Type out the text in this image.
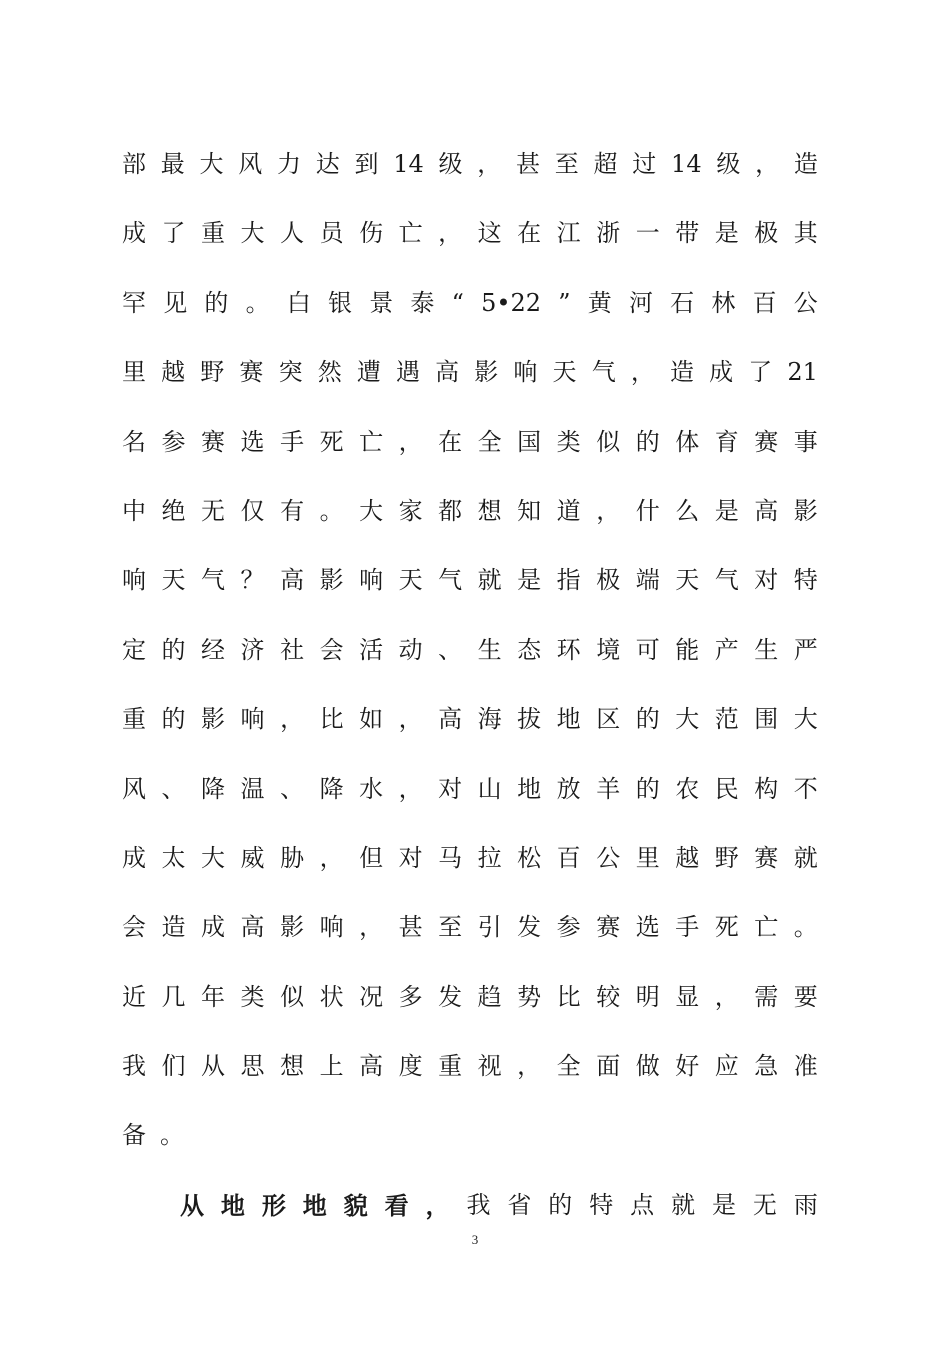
部 最 大 风 力 达 到 14 级 ， 甚 至 超 过 14 级 ， 造
成 了 重 大 人 员 伤 亡 ， 这 在 江 浙 一 带 是 极 其
罕 见 的 。 白 银 景 泰 “ 5•22 ” 黄 河 石 林 百 公
里 越 野 赛 突 然 遭 遇 高 影 响 天 气 ， 造 成 了 21
名 参 赛 选 手 死 亡 ， 在 全 国 类 似 的 体 育 赛 事
中 绝 无 仅 有 。 大 家 都 想 知 道 ， 什 么 是 高 影
响 天 气 ？ 高 影 响 天 气 就 是 指 极 端 天 气 对 特
定 的 经 济 社 会 活 动 、 生 态 环 境 可 能 产 生 严
重 的 影 响 ， 比 如 ， 高 海 拔 地 区 的 大 范 围 大
风 、 降 温 、 降 水 ， 对 山 地 放 羊 的 农 民 构 不
成 太 大 威 胁 ， 但 对 马 拉 松 百 公 里 越 野 赛 就
会 造 成 高 影 响 ， 甚 至 引 发 参 赛 选 手 死 亡 。
近 几 年 类 似 状 况 多 发 趋 势 比 较 明 显 ， 需 要
我 们 从 思 想 上 高 度 重 视 ， 全 面 做 好 应 急 准
备 。
从 地 形 地 貌 看 ， 我 省 的 特 点 就 是 无 雨
3
